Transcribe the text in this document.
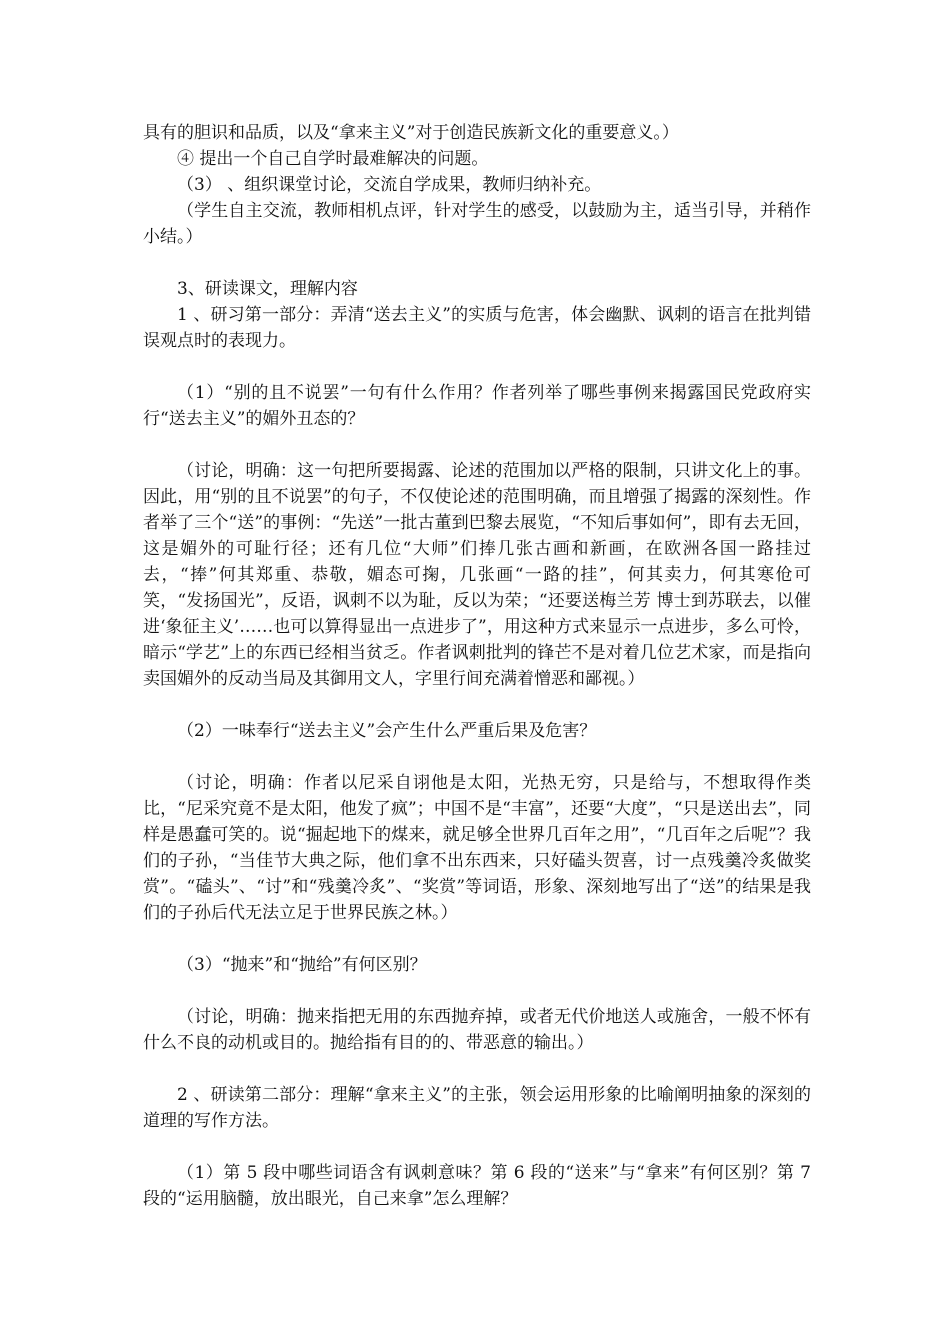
具有的胆识和品质，以及“拿来主义”对于创造民族新文化的重要意义。）

④ 提出一个自己自学时最难解决的问题。

（3） 、组织课堂讨论，交流自学成果，教师归纳补充。

（学生自主交流，教师相机点评，针对学生的感受，以鼓励为主，适当引导，并稍作小结。）

3、研读课文，理解内容

1 、研习第一部分：弄清“送去主义”的实质与危害，体会幽默、讽刺的语言在批判错误观点时的表现力。

（1）“别的且不说罢”一句有什么作用？作者列举了哪些事例来揭露国民党政府实行“送去主义”的媚外丑态的？

（讨论，明确：这一句把所要揭露、论述的范围加以严格的限制，只讲文化上的事。因此，用“别的且不说罢”的句子，不仅使论述的范围明确，而且增强了揭露的深刻性。作者举了三个“送”的事例：“先送”一批古董到巴黎去展览，“不知后事如何”，即有去无回，这是媚外的可耻行径；还有几位“大师”们捧几张古画和新画，在欧洲各国一路挂过去，“捧”何其郑重、恭敬，媚态可掬，几张画“一路的挂”，何其卖力，何其寒伧可笑，“发扬国光”，反语，讽刺不以为耻，反以为荣；“还要送梅兰芳 博士到苏联去，以催进‘象征主义’……也可以算得显出一点进步了”，用这种方式来显示一点进步，多么可怜，暗示“学艺”上的东西已经相当贫乏。作者讽刺批判的锋芒不是对着几位艺术家，而是指向卖国媚外的反动当局及其御用文人，字里行间充满着憎恶和鄙视。）

（2）一味奉行“送去主义”会产生什么严重后果及危害？

（讨论，明确：作者以尼采自诩他是太阳，光热无穷，只是给与，不想取得作类比，“尼采究竟不是太阳，他发了疯”；中国不是“丰富”，还要“大度”，“只是送出去”，同样是愚蠢可笑的。说“掘起地下的煤来，就足够全世界几百年之用”，“几百年之后呢”？我们的子孙，“当佳节大典之际，他们拿不出东西来，只好磕头贺喜，讨一点残羹冷炙做奖赏”。“磕头”、“讨”和“残羹冷炙”、“奖赏”等词语，形象、深刻地写出了“送”的结果是我们的子孙后代无法立足于世界民族之林。）

（3）“抛来”和“抛给”有何区别？

（讨论，明确：抛来指把无用的东西抛弃掉，或者无代价地送人或施舍，一般不怀有什么不良的动机或目的。抛给指有目的的、带恶意的输出。）

2 、研读第二部分：理解“拿来主义”的主张，领会运用形象的比喻阐明抽象的深刻的道理的写作方法。

（1）第 5 段中哪些词语含有讽刺意味？第 6 段的“送来”与“拿来”有何区别？第 7 段的“运用脑髓，放出眼光，自己来拿”怎么理解？
